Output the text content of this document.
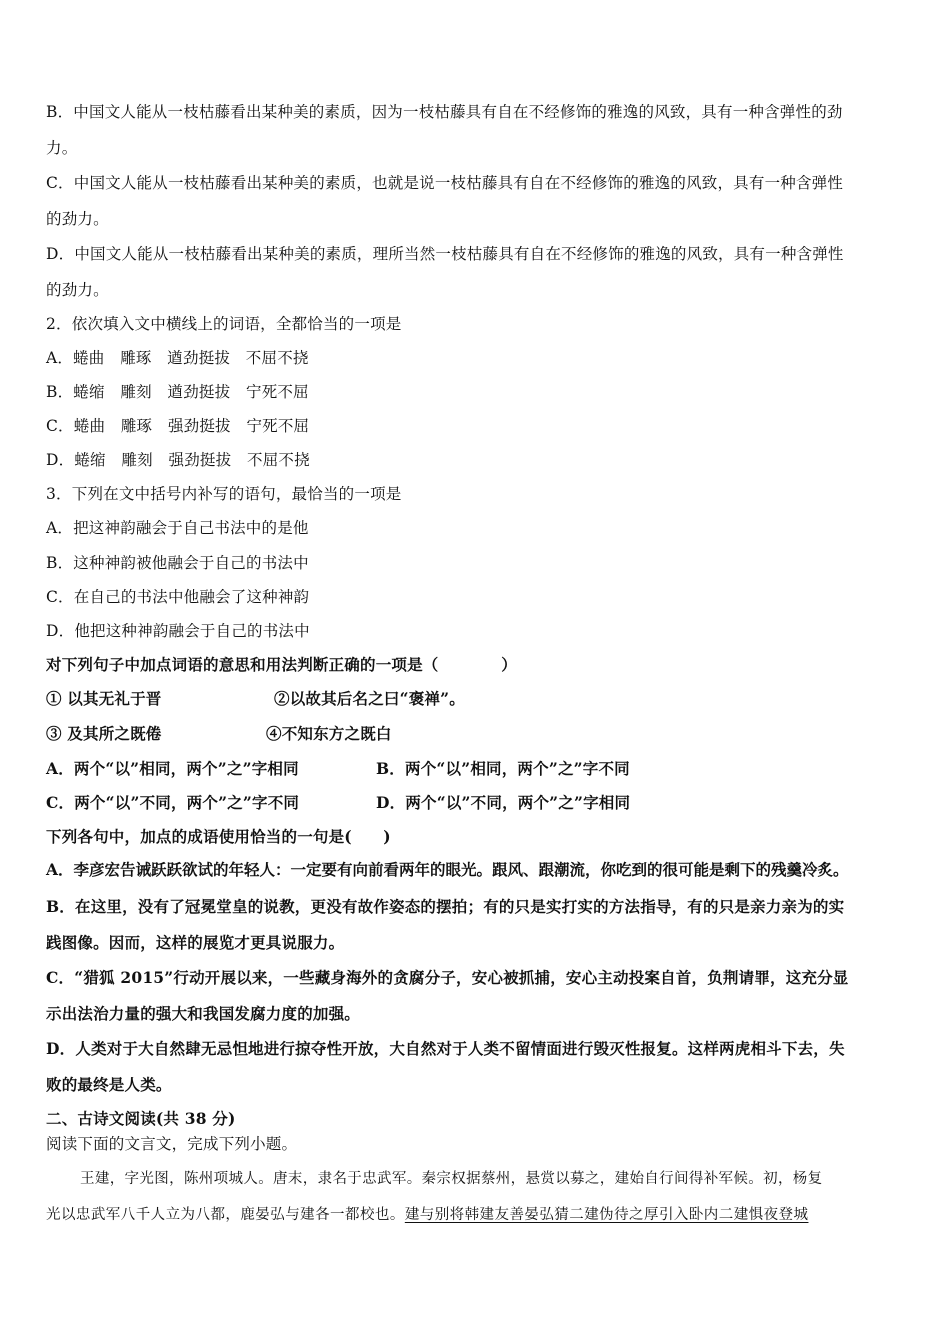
B．中国文人能从一枝枯藤看出某种美的素质，因为一枝枯藤具有自在不经修饰的雅逸的风致，具有一种含弹性的劲
力。
C．中国文人能从一枝枯藤看出某种美的素质，也就是说一枝枯藤具有自在不经修饰的雅逸的风致，具有一种含弹性
的劲力。
D．中国文人能从一枝枯藤看出某种美的素质，理所当然一枝枯藤具有自在不经修饰的雅逸的风致，具有一种含弹性
的劲力。
2．依次填入文中横线上的词语，全都恰当的一项是
A．蜷曲　雕琢　遒劲挺拔　不屈不挠
B．蜷缩　雕刻　遒劲挺拔　宁死不屈
C．蜷曲　雕琢　强劲挺拔　宁死不屈
D．蜷缩　雕刻　强劲挺拔　不屈不挠
3．下列在文中括号内补写的语句，最恰当的一项是
A．把这神韵融会于自己书法中的是他
B．这种神韵被他融会于自己的书法中
C．在自己的书法中他融会了这种神韵
D．他把这种神韵融会于自己的书法中
对下列句子中加点词语的意思和用法判断正确的一项是（　　　　）
① 以其无礼于晋	②以故其后名之曰“褒禅”。
③ 及其所之既倦	④不知东方之既白
A．两个“以”相同，两个”之”字相同	B．两个“以”相同，两个”之”字不同
C．两个“以”不同，两个”之”字不同	D．两个“以”不同，两个”之”字相同
下列各句中，加点的成语使用恰当的一句是(　　)
A．李彦宏告诫跃跃欲试的年轻人：一定要有向前看两年的眼光。跟风、跟潮流，你吃到的很可能是剩下的残羹冷炙。
B．在这里，没有了冠冕堂皇的说教，更没有故作姿态的摆拍；有的只是实打实的方法指导，有的只是亲力亲为的实
践图像。因而，这样的展览才更具说服力。
C．“猎狐 2015”行动开展以来，一些藏身海外的贪腐分子，安心被抓捕，安心主动投案自首，负荆请罪，这充分显
示出法治力量的强大和我国发腐力度的加强。
D．人类对于大自然肆无忌怛地进行掠夺性开放，大自然对于人类不留情面进行毁灭性报复。这样两虎相斗下去，失
败的最终是人类。
二、古诗文阅读(共 38 分)
阅读下面的文言文，完成下列小题。
王建，字光图，陈州项城人。唐末，隶名于忠武军。秦宗权据蔡州，悬赏以募之，建始自行间得补军候。初，杨复
光以忠武军八千人立为八都，鹿晏弘与建各一都校也。建与别将韩建友善晏弘猜二建伪待之厚引入卧内二建惧夜登城
